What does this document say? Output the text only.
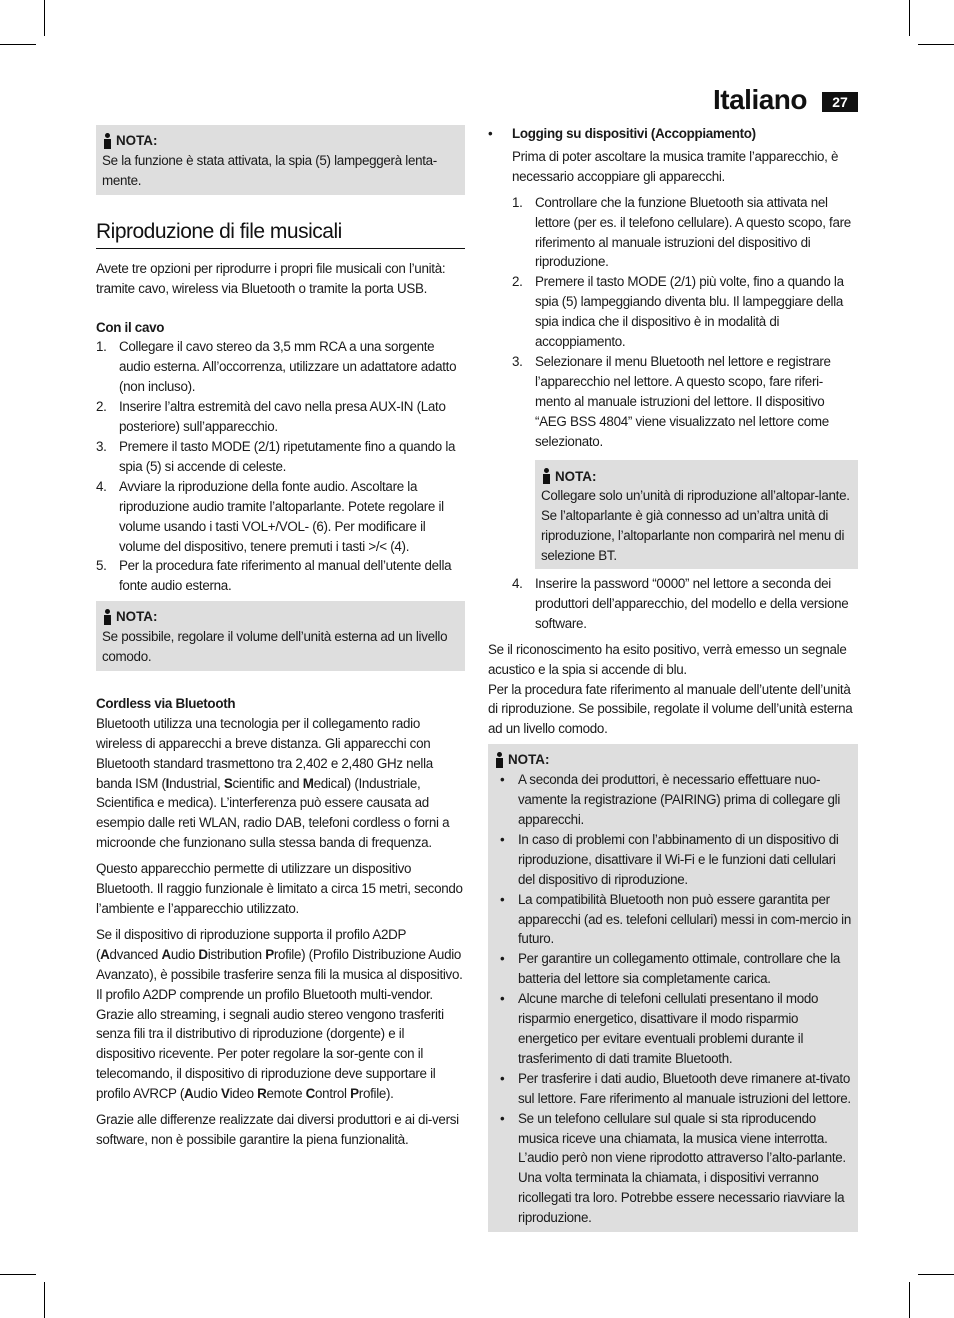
Italiano	27
NOTA:

Se la funzione è stata attivata, la spia (5) lampeggerà lenta-mente.

Riproduzione di file musicali

Avete tre opzioni per riprodurre i propri file musicali con l’unità: tramite cavo, wireless via Bluetooth o tramite la porta USB.

Con il cavo

1. Collegare il cavo stereo da 3,5 mm RCA a una sorgente audio esterna. All’occorrenza, utilizzare un adattatore adatto (non incluso).
2. Inserire l’altra estremità del cavo nella presa AUX-IN (Lato posteriore) sull’apparecchio.
3. Premere il tasto MODE (2/1) ripetutamente fino a quando la spia (5) si accende di celeste.
4. Avviare la riproduzione della fonte audio. Ascoltare la riproduzione audio tramite l’altoparlante. Potete regolare il volume usando i tasti VOL+/VOL- (6). Per modificare il volume del dispositivo, tenere premuti i tasti >/< (4).
5. Per la procedura fate riferimento al manual dell’utente della fonte audio esterna.
NOTA:

Se possibile, regolare il volume dell’unità esterna ad un livello comodo.

Cordless via Bluetooth

Bluetooth utilizza una tecnologia per il collegamento radio wireless di apparecchi a breve distanza. Gli apparecchi con Bluetooth standard trasmettono tra 2,402 e 2,480 GHz nella banda ISM (Industrial, Scientific and Medical) (Industriale, Scientifica e medica). L’interferenza può essere causata ad esempio dalle reti WLAN, radio DAB, telefoni cordless o forni a microonde che funzionano sulla stessa banda di frequenza.

Questo apparecchio permette di utilizzare un dispositivo Bluetooth. Il raggio funzionale è limitato a circa 15 metri, secondo l’ambiente e l’apparecchio utilizzato.

Se il dispositivo di riproduzione supporta il profilo A2DP (Advanced Audio Distribution Profile) (Profilo Distribuzione Audio Avanzato), è possibile trasferire senza fili la musica al dispositivo. Il profilo A2DP comprende un profilo Bluetooth multi-vendor. Grazie allo streaming, i segnali audio stereo vengono trasferiti senza fili tra il distributivo di riproduzione (dorgente) e il dispositivo ricevente. Per poter regolare la sor-gente con il telecomando, il dispositivo di riproduzione deve supportare il profilo AVRCP (Audio Video Remote Control Profile).

Grazie alle differenze realizzate dai diversi produttori e ai di-versi software, non è possibile garantire la piena funzionalità.

•	Logging su dispositivi (Accoppiamento)

Prima di poter ascoltare la musica tramite l’apparecchio, è necessario accoppiare gli apparecchi.

1. Controllare che la funzione Bluetooth sia attivata nel lettore (per es. il telefono cellulare). A questo scopo, fare riferimento al manuale istruzioni del dispositivo di riproduzione.
2. Premere il tasto MODE (2/1) più volte, fino a quando la spia (5) lampeggiando diventa blu. Il lampeggiare della spia indica che il dispositivo è in modalità di accoppiamento.
3. Selezionare il menu Bluetooth nel lettore e registrare l’apparecchio nel lettore. A questo scopo, fare riferi-mento al manuale istruzioni del lettore. Il dispositivo “AEG BSS 4804” viene visualizzato nel lettore come selezionato.
NOTA:

Collegare solo un’unità di riproduzione all’altopar-lante. Se l’altoparlante è già connesso ad un’altra unità di riproduzione, l’altoparlante non comparirà nel menu di selezione BT.

4. Inserire la password “0000” nel lettore a seconda dei produttori dell’apparecchio, del modello e della versione software.

Se il riconoscimento ha esito positivo, verrà emesso un segnale acustico e la spia si accende di blu.

Per la procedura fate riferimento al manuale dell’utente dell’unità di riproduzione. Se possibile, regolate il volume dell’unità esterna ad un livello comodo.

NOTA:
•	A seconda dei produttori, è necessario effettuare nuo-vamente la registrazione (PAIRING) prima di collegare gli apparecchi.
•	In caso di problemi con l’abbinamento di un dispositivo di riproduzione, disattivare il Wi-Fi e le funzioni dati cellulari del dispositivo di riproduzione.
•	La compatibilità Bluetooth non può essere garantita per apparecchi (ad es. telefoni cellulari) messi in com-mercio in futuro.
•	Per garantire un collegamento ottimale, controllare che la batteria del lettore sia completamente carica.
•	Alcune marche di telefoni cellulati presentano il modo risparmio energetico, disattivare il modo risparmio energetico per evitare eventuali problemi durante il trasferimento di dati tramite Bluetooth.
•	Per trasferire i dati audio, Bluetooth deve rimanere at-tivato sul lettore. Fare riferimento al manuale istruzioni del lettore.
•	Se un telefono cellulare sul quale si sta riproducendo musica riceve una chiamata, la musica viene interrotta. L’audio però non viene riprodotto attraverso l’alto-parlante. Una volta terminata la chiamata, i dispositivi verranno ricollegati tra loro. Potrebbe essere necessario riavviare la riproduzione.
